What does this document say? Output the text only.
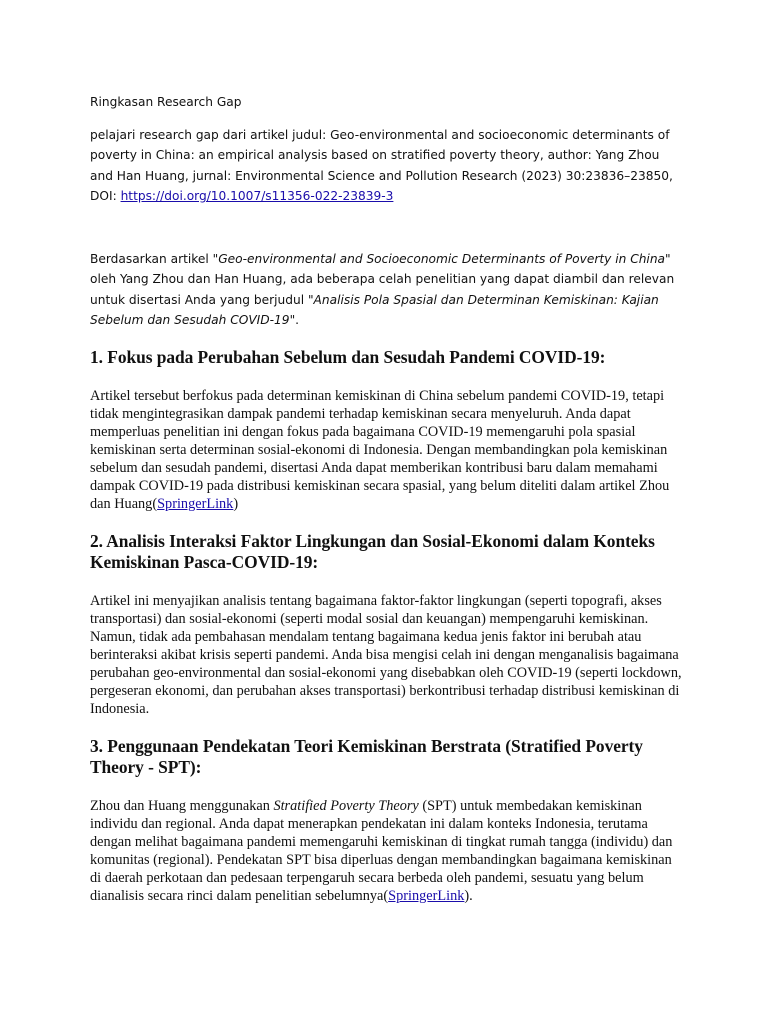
Ringkasan Research Gap

pelajari research gap dari artikel judul: Geo-environmental and socioeconomic determinants of poverty in China: an empirical analysis based on stratified poverty theory, author: Yang Zhou and Han Huang, jurnal: Environmental Science and Pollution Research (2023) 30:23836–23850, DOI: https://doi.org/10.1007/s11356-022-23839-3

Berdasarkan artikel "Geo-environmental and Socioeconomic Determinants of Poverty in China" oleh Yang Zhou dan Han Huang, ada beberapa celah penelitian yang dapat diambil dan relevan untuk disertasi Anda yang berjudul "Analisis Pola Spasial dan Determinan Kemiskinan: Kajian Sebelum dan Sesudah COVID-19".

1. Fokus pada Perubahan Sebelum dan Sesudah Pandemi COVID-19:

Artikel tersebut berfokus pada determinan kemiskinan di China sebelum pandemi COVID-19, tetapi tidak mengintegrasikan dampak pandemi terhadap kemiskinan secara menyeluruh. Anda dapat memperluas penelitian ini dengan fokus pada bagaimana COVID-19 memengaruhi pola spasial kemiskinan serta determinan sosial-ekonomi di Indonesia. Dengan membandingkan pola kemiskinan sebelum dan sesudah pandemi, disertasi Anda dapat memberikan kontribusi baru dalam memahami dampak COVID-19 pada distribusi kemiskinan secara spasial, yang belum diteliti dalam artikel Zhou dan Huang(SpringerLink)

2. Analisis Interaksi Faktor Lingkungan dan Sosial-Ekonomi dalam Konteks Kemiskinan Pasca-COVID-19:

Artikel ini menyajikan analisis tentang bagaimana faktor-faktor lingkungan (seperti topografi, akses transportasi) dan sosial-ekonomi (seperti modal sosial dan keuangan) mempengaruhi kemiskinan. Namun, tidak ada pembahasan mendalam tentang bagaimana kedua jenis faktor ini berubah atau berinteraksi akibat krisis seperti pandemi. Anda bisa mengisi celah ini dengan menganalisis bagaimana perubahan geo-environmental dan sosial-ekonomi yang disebabkan oleh COVID-19 (seperti lockdown, pergeseran ekonomi, dan perubahan akses transportasi) berkontribusi terhadap distribusi kemiskinan di Indonesia.

3. Penggunaan Pendekatan Teori Kemiskinan Berstrata (Stratified Poverty Theory - SPT):

Zhou dan Huang menggunakan Stratified Poverty Theory (SPT) untuk membedakan kemiskinan individu dan regional. Anda dapat menerapkan pendekatan ini dalam konteks Indonesia, terutama dengan melihat bagaimana pandemi memengaruhi kemiskinan di tingkat rumah tangga (individu) dan komunitas (regional). Pendekatan SPT bisa diperluas dengan membandingkan bagaimana kemiskinan di daerah perkotaan dan pedesaan terpengaruh secara berbeda oleh pandemi, sesuatu yang belum dianalisis secara rinci dalam penelitian sebelumnya(SpringerLink).
